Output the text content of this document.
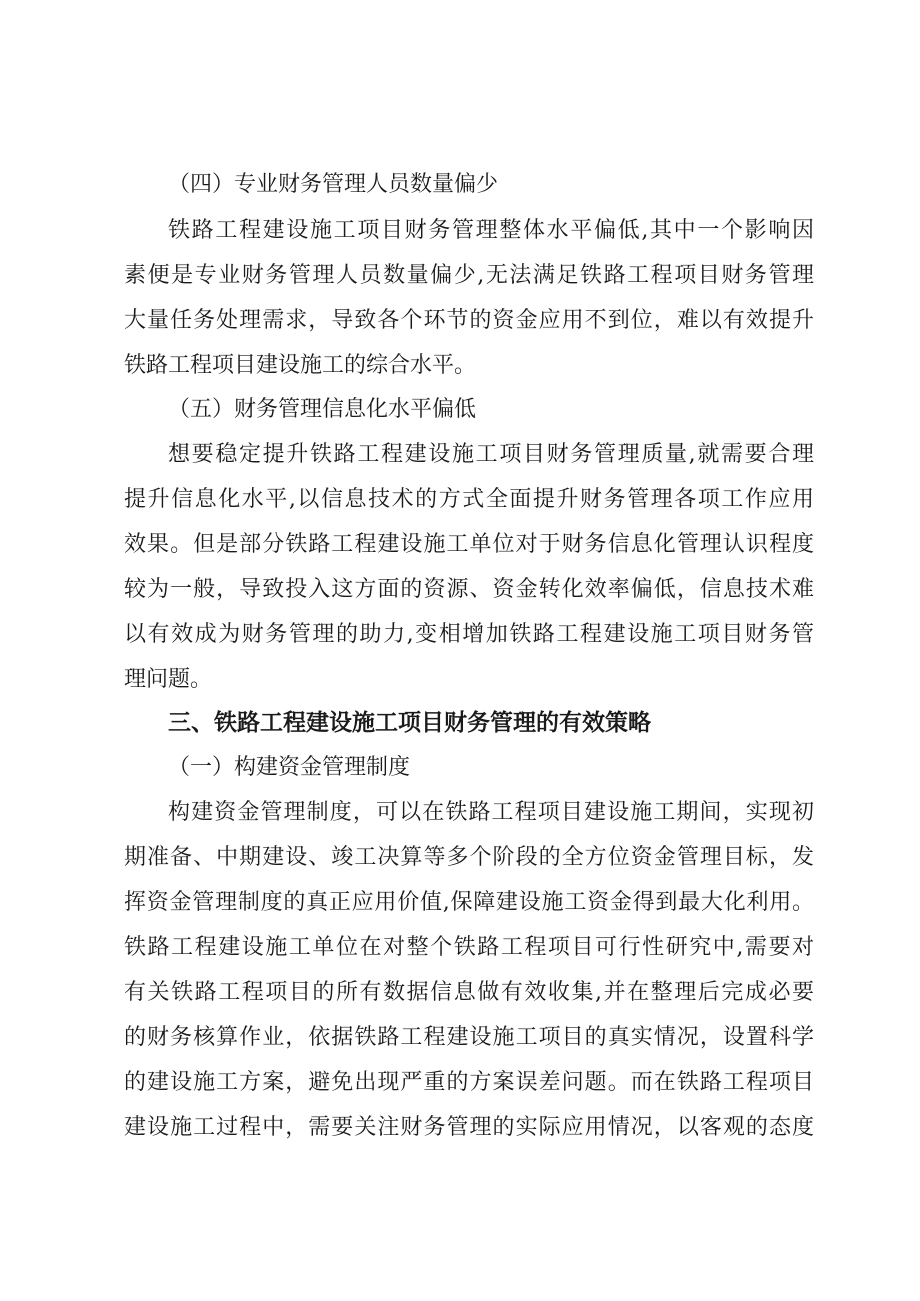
（四）专业财务管理人员数量偏少
铁路工程建设施工项目财务管理整体水平偏低,其中一个影响因
素便是专业财务管理人员数量偏少,无法满足铁路工程项目财务管理
大量任务处理需求，导致各个环节的资金应用不到位，难以有效提升
铁路工程项目建设施工的综合水平。
（五）财务管理信息化水平偏低
想要稳定提升铁路工程建设施工项目财务管理质量,就需要合理
提升信息化水平,以信息技术的方式全面提升财务管理各项工作应用
效果。但是部分铁路工程建设施工单位对于财务信息化管理认识程度
较为一般，导致投入这方面的资源、资金转化效率偏低，信息技术难
以有效成为财务管理的助力,变相增加铁路工程建设施工项目财务管
理问题。
三、铁路工程建设施工项目财务管理的有效策略
（一）构建资金管理制度
构建资金管理制度，可以在铁路工程项目建设施工期间，实现初
期准备、中期建设、竣工决算等多个阶段的全方位资金管理目标，发
挥资金管理制度的真正应用价值,保障建设施工资金得到最大化利用。
铁路工程建设施工单位在对整个铁路工程项目可行性研究中,需要对
有关铁路工程项目的所有数据信息做有效收集,并在整理后完成必要
的财务核算作业，依据铁路工程建设施工项目的真实情况，设置科学
的建设施工方案，避免出现严重的方案误差问题。而在铁路工程项目
建设施工过程中，需要关注财务管理的实际应用情况，以客观的态度
